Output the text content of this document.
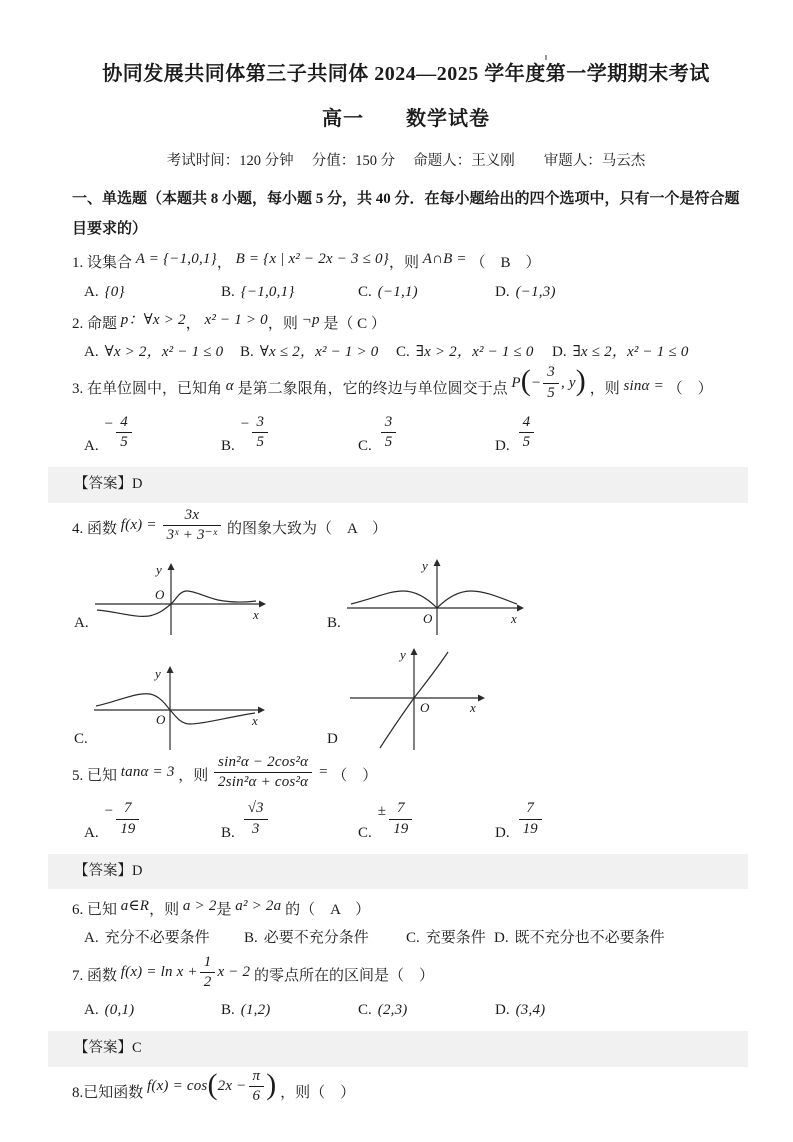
协同发展共同体第三子共同体 2024—2025 学年度第一学期期末考试
高一　　数学试卷
考试时间：120 分钟　 分值：150 分　 命题人：王义刚　　审题人：马云杰
一、单选题（本题共 8 小题，每小题 5 分，共 40 分．在每小题给出的四个选项中，只有一个是符合题目要求的）
1. 设集合 A = {−1,0,1}， B = {x | x² − 2x − 3 ≤ 0}，则 A∩B = （　B　）
A. {0}	B. {−1,0,1}	C. (−1,1)	D. (−1,3)
2. 命题 p：∀x > 2， x² − 1 > 0，则 ¬p 是（ C ）
A. ∀x > 2，x² − 1 ≤ 0	B. ∀x ≤ 2，x² − 1 > 0	C. ∃x > 2，x² − 1 ≤ 0	D. ∃x ≤ 2，x² − 1 ≤ 0
3. 在单位圆中，已知角 α 是第二象限角，它的终边与单位圆交于点 $P(- \frac{3}{5}$ , y) ，则 sinα = （　）
A.
− $\frac{4}{5}$	B.
− $\frac{3}{5}$	C. $\frac{3}{5}$	D. $\frac{4}{5}$
【答案】D
4. 函数 $f(x) = \frac{3x}{\text{3ˣ + 3⁻ˣ}}$ 的图象大致为（　A　）
A.
O
y
x
B.	O
y
x
C.
O
y
x
D
O
y
x
5. 已知 tanα = 3 ，则 $\frac{\text{sin²α − 2cos²α}}{\text{2sin²α + cos²α}}$ = （　）
A.
− $\frac{7}{19}$	B. $\frac{√3}{3}$	C.
± $\frac{7}{19}$	D. $\frac{7}{19}$
【答案】D
6. 已知 a∈R，则 a > 2是 a² > 2a 的（　A　）
A. 充分不必要条件	B. 必要不充分条件	C. 充要条件 D. 既不充分也不必要条件
7. 函数 $f(x) = \ln x + \frac{1}{2}$ x − 2 的零点所在的区间是（　）
A. (0,1)	B. (1,2)	C. (2,3)	D. (3,4)
【答案】C
8.已知函数 $f(x) = \cos(2x - \frac{\pi}{6}$ ) ，则（　）
